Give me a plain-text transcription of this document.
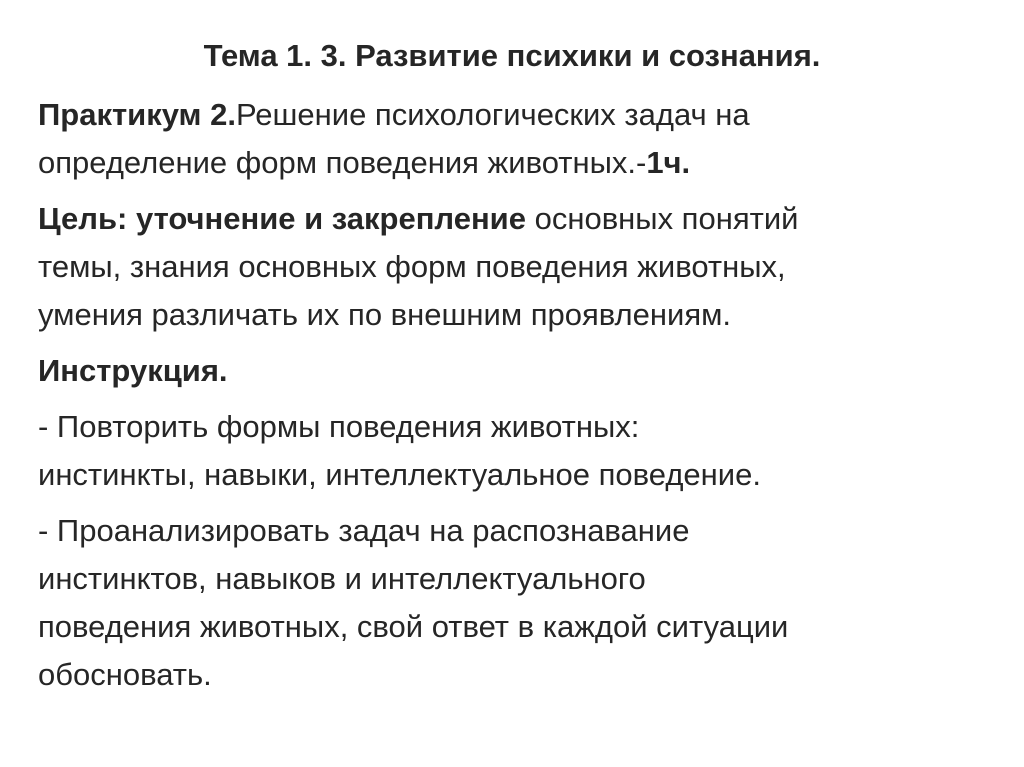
Тема 1. 3. Развитие психики и сознания.
Практикум 2.Решение психологических задач на
определение форм поведения животных.-1ч.
Цель: уточнение и закрепление основных понятий
темы, знания основных форм поведения животных,
умения различать их по внешним проявлениям.
Инструкция.
- Повторить формы поведения животных:
инстинкты, навыки, интеллектуальное поведение.
- Проанализировать задач на распознавание
инстинктов, навыков и интеллектуального
поведения животных, свой ответ в каждой ситуации
обосновать.
